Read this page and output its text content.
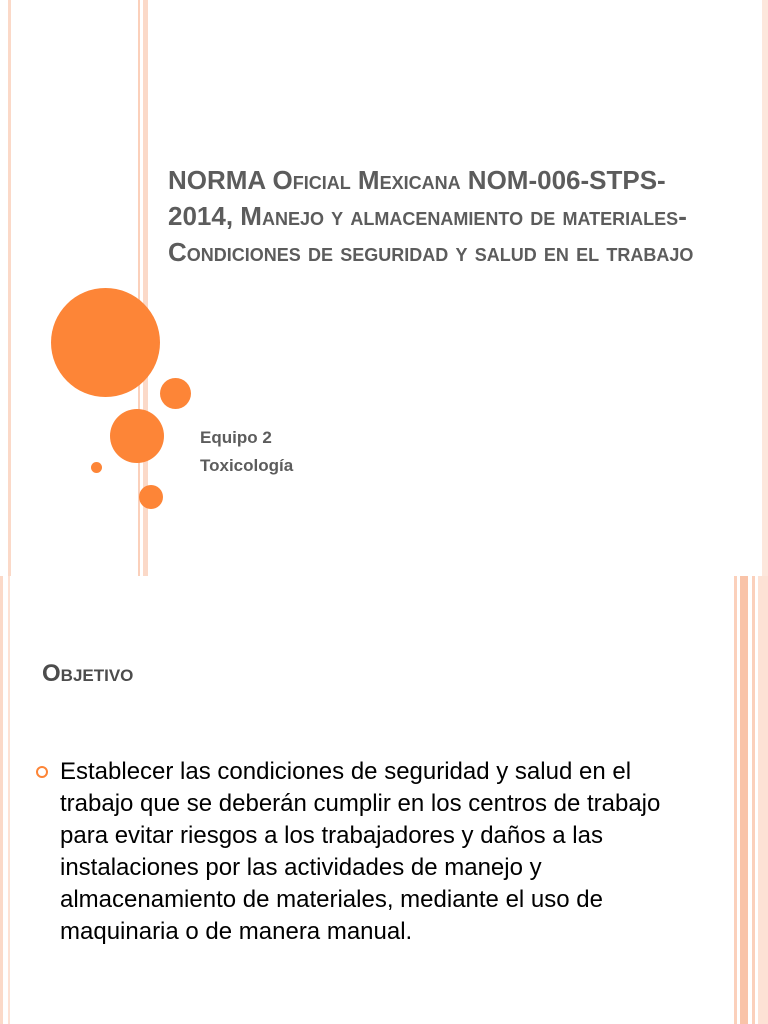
NORMA Oficial Mexicana NOM-006-STPS-2014, Manejo y almacenamiento de materiales-Condiciones de seguridad y salud en el trabajo
Equipo 2
Toxicología
Objetivo
Establecer las condiciones de seguridad y salud en el trabajo que se deberán cumplir en los centros de trabajo para evitar riesgos a los trabajadores y daños a las instalaciones por las actividades de manejo y almacenamiento de materiales, mediante el uso de maquinaria o de manera manual.
